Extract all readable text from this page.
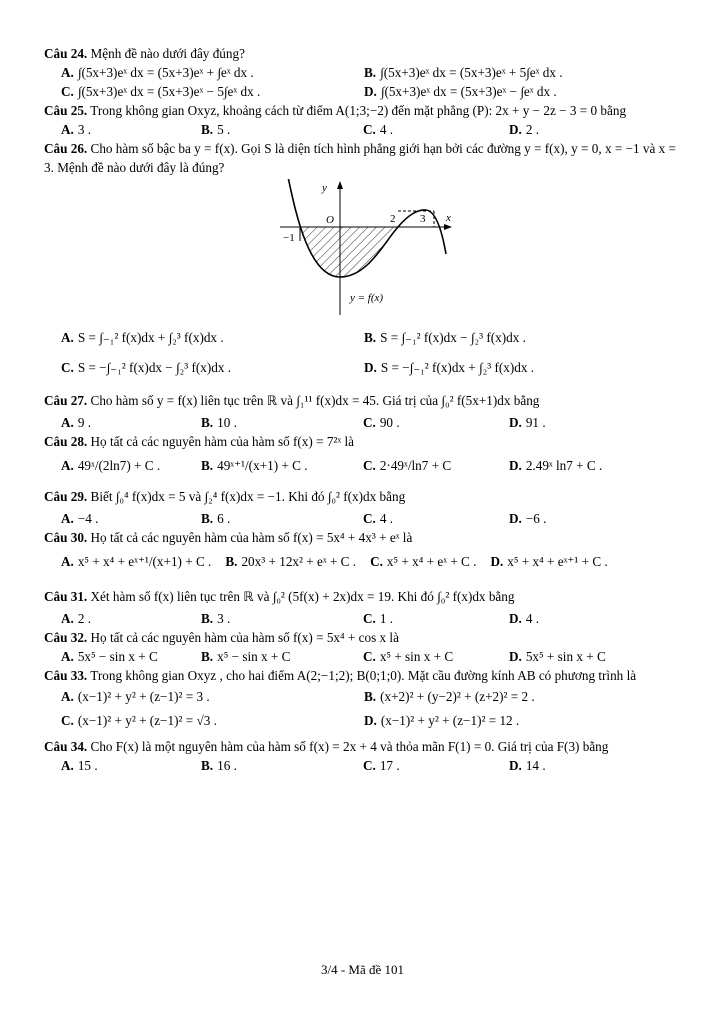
Câu 24. Mệnh đề nào dưới đây đúng?
A. ∫(5x+3)eˣ dx = (5x+3)eˣ + ∫eˣ dx .	B. ∫(5x+3)eˣ dx = (5x+3)eˣ + 5∫eˣ dx .
C. ∫(5x+3)eˣ dx = (5x+3)eˣ − 5∫eˣ dx .	D. ∫(5x+3)eˣ dx = (5x+3)eˣ − ∫eˣ dx .
Câu 25. Trong không gian Oxyz, khoảng cách từ điểm A(1;3;−2) đến mặt phẳng (P): 2x + y − 2z − 3 = 0 bằng
A. 3 .	B. 5 .	C. 4 .	D. 2 .
Câu 26. Cho hàm số bậc ba y = f(x). Gọi S là diện tích hình phẳng giới hạn bởi các đường y = f(x), y = 0, x = −1 và x = 3. Mệnh đề nào dưới đây là đúng?
y
x
O
−1
2 3
y = f(x)
A. S = ∫₋₁² f(x)dx + ∫₂³ f(x)dx .	B. S = ∫₋₁² f(x)dx − ∫₂³ f(x)dx .
C. S = −∫₋₁² f(x)dx − ∫₂³ f(x)dx .	D. S = −∫₋₁² f(x)dx + ∫₂³ f(x)dx .
Câu 27. Cho hàm số y = f(x) liên tục trên ℝ và ∫₁¹¹ f(x)dx = 45. Giá trị của ∫₀² f(5x+1)dx bằng
A. 9 .	B. 10 .	C. 90 .	D. 91 .
Câu 28. Họ tất cả các nguyên hàm của hàm số f(x) = 7²ˣ là
A. 49ˣ/(2ln7) + C .	B. 49ˣ⁺¹/(x+1) + C .	C. 2·49ˣ/ln7 + C	D. 2.49ˣ ln7 + C .
Câu 29. Biết ∫₀⁴ f(x)dx = 5 và ∫₂⁴ f(x)dx = −1. Khi đó ∫₀² f(x)dx bằng
A. −4 .	B. 6 .	C. 4 .	D. −6 .
Câu 30. Họ tất cả các nguyên hàm của hàm số f(x) = 5x⁴ + 4x³ + eˣ là
A. x⁵ + x⁴ + eˣ⁺¹/(x+1) + C . B. 20x³ + 12x² + eˣ + C . C. x⁵ + x⁴ + eˣ + C . D. x⁵ + x⁴ + eˣ⁺¹ + C .
Câu 31. Xét hàm số f(x) liên tục trên ℝ và ∫₀² (5f(x) + 2x)dx = 19. Khi đó ∫₀² f(x)dx bằng
A. 2 .	B. 3 .	C. 1 .	D. 4 .
Câu 32. Họ tất cả các nguyên hàm của hàm số f(x) = 5x⁴ + cos x là
A. 5x⁵ − sin x + C	B. x⁵ − sin x + C	C. x⁵ + sin x + C	D. 5x⁵ + sin x + C
Câu 33. Trong không gian Oxyz , cho hai điểm A(2;−1;2); B(0;1;0). Mặt cầu đường kính AB có phương trình là
A. (x−1)² + y² + (z−1)² = 3 .	B. (x+2)² + (y−2)² + (z+2)² = 2 .
C. (x−1)² + y² + (z−1)² = √3 .	D. (x−1)² + y² + (z−1)² = 12 .
Câu 34. Cho F(x) là một nguyên hàm của hàm số f(x) = 2x + 4 và thỏa mãn F(1) = 0. Giá trị của F(3) bằng
A. 15 .	B. 16 .	C. 17 .	D. 14 .
3/4 - Mã đề 101
